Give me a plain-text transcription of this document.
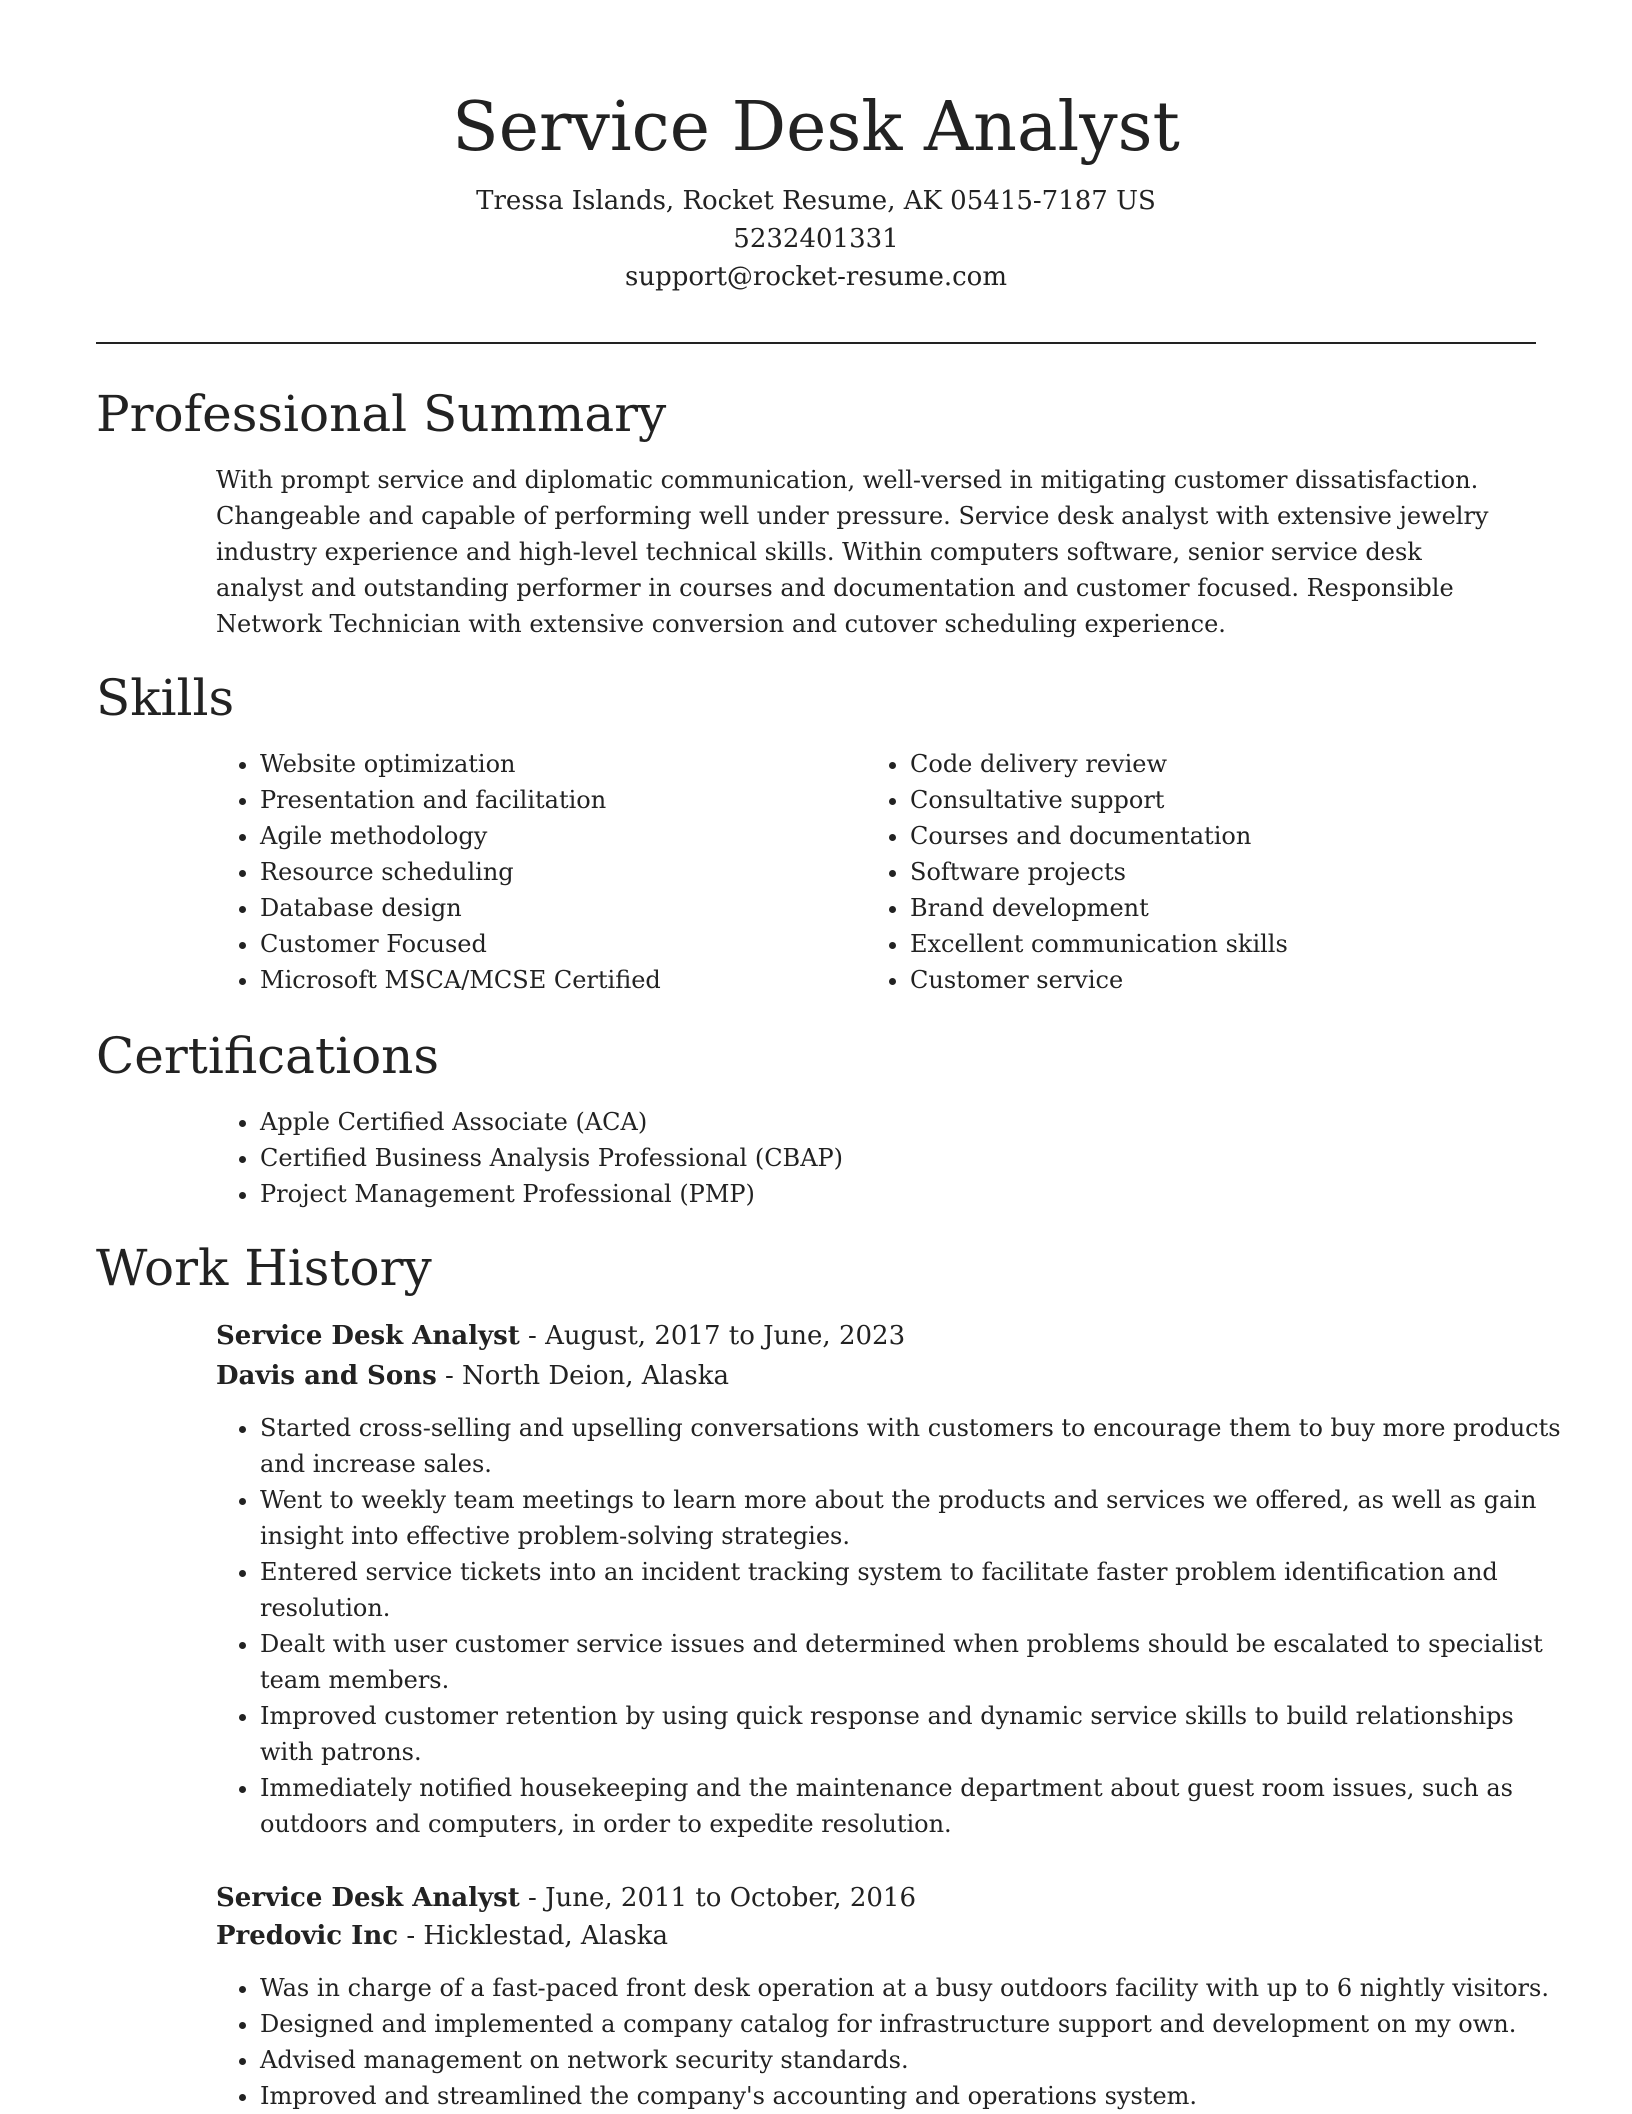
Service Desk Analyst
Tressa Islands, Rocket Resume, AK 05415-7187 US
5232401331
support@rocket-resume.com
Professional Summary

With prompt service and diplomatic communication, well-versed in mitigating customer dissatisfaction. Changeable and capable of performing well under pressure. Service desk analyst with extensive jewelry industry experience and high-level technical skills. Within computers software, senior service desk analyst and outstanding performer in courses and documentation and customer focused. Responsible Network Technician with extensive conversion and cutover scheduling experience.

Skills
• Website optimization
• Presentation and facilitation
• Agile methodology
• Resource scheduling
• Database design
• Customer Focused
• Microsoft MSCA/MCSE Certified
• Code delivery review
• Consultative support
• Courses and documentation
• Software projects
• Brand development
• Excellent communication skills
• Customer service
Certifications
• Apple Certified Associate (ACA)
• Certified Business Analysis Professional (CBAP)
• Project Management Professional (PMP)
Work History
Service Desk Analyst - August, 2017 to June, 2023
Davis and Sons - North Deion, Alaska
• Started cross-selling and upselling conversations with customers to encourage them to buy more products and increase sales.
• Went to weekly team meetings to learn more about the products and services we offered, as well as gain insight into effective problem-solving strategies.
• Entered service tickets into an incident tracking system to facilitate faster problem identification and resolution.
• Dealt with user customer service issues and determined when problems should be escalated to specialist team members.
• Improved customer retention by using quick response and dynamic service skills to build relationships with patrons.
• Immediately notified housekeeping and the maintenance department about guest room issues, such as outdoors and computers, in order to expedite resolution.
Service Desk Analyst - June, 2011 to October, 2016
Predovic Inc - Hicklestad, Alaska
• Was in charge of a fast-paced front desk operation at a busy outdoors facility with up to 6 nightly visitors.
• Designed and implemented a company catalog for infrastructure support and development on my own.
• Advised management on network security standards.
• Improved and streamlined the company's accounting and operations system.
